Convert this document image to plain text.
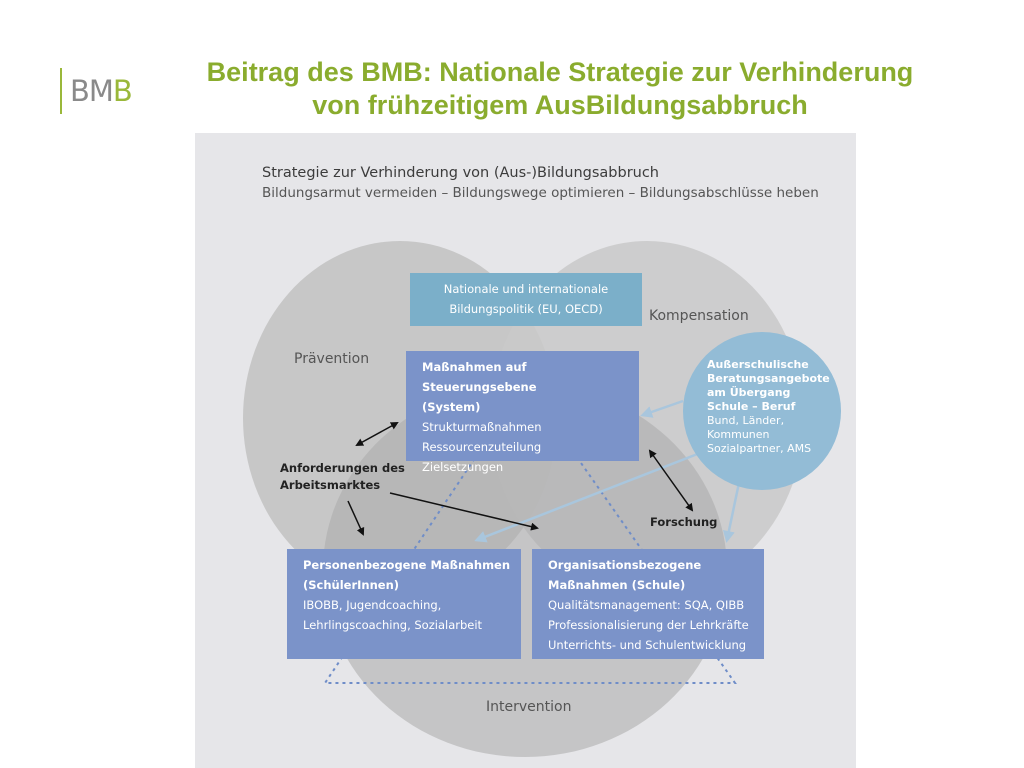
BM B
Beitrag des BMB: Nationale Strategie zur Verhinderung
von frühzeitigem AusBildungsabbruch
Strategie zur Verhinderung von (Aus-)Bildungsabbruch
Bildungsarmut vermeiden – Bildungswege optimieren – Bildungsabschlüsse heben
Prävention
Kompensation
Intervention
Nationale und internationale
Bildungspolitik (EU, OECD)
Maßnahmen auf Steuerungsebene
(System)
Strukturmaßnahmen
Ressourcenzuteilung
Zielsetzungen
Personenbezogene Maßnahmen
(SchülerInnen)
IBOBB, Jugendcoaching,
Lehrlingscoaching, Sozialarbeit
Organisationsbezogene
Maßnahmen (Schule)
Qualitätsmanagement: SQA, QIBB
Professionalisierung der Lehrkräfte
Unterrichts- und Schulentwicklung
Außerschulische
Beratungsangebote
am Übergang
Schule – Beruf
Bund, Länder,
Kommunen
Sozialpartner, AMS
Anforderungen des
Arbeitsmarktes
Forschung
